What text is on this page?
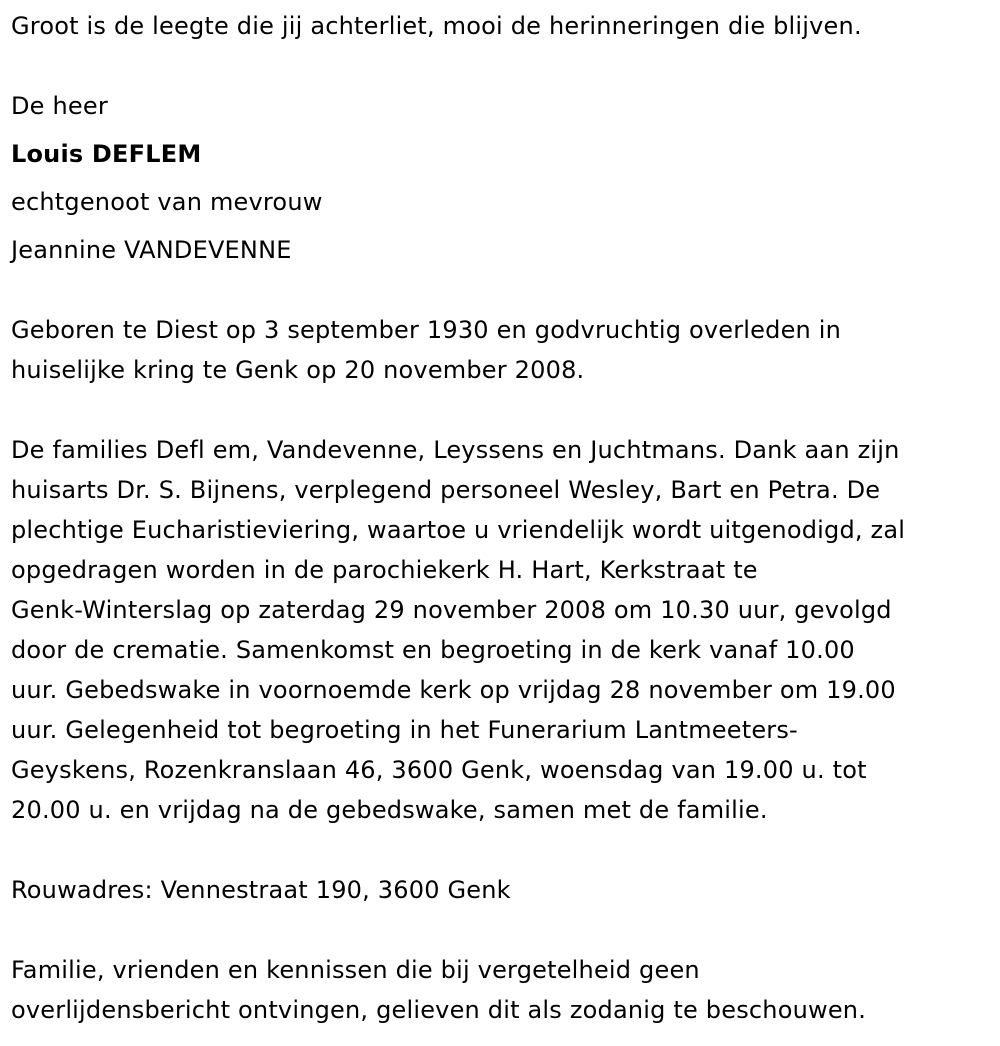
Groot is de leegte die jij achterliet, mooi de herinneringen die blijven.
De heer
Louis DEFLEM
echtgenoot van mevrouw
Jeannine VANDEVENNE
Geboren te Diest op 3 september 1930 en godvruchtig overleden in
huiselijke kring te Genk op 20 november 2008.
De families Defl em, Vandevenne, Leyssens en Juchtmans. Dank aan zijn
huisarts Dr. S. Bijnens, verplegend personeel Wesley, Bart en Petra. De
plechtige Eucharistieviering, waartoe u vriendelijk wordt uitgenodigd, zal
opgedragen worden in de parochiekerk H. Hart, Kerkstraat te
Genk-Winterslag op zaterdag 29 november 2008 om 10.30 uur, gevolgd
door de crematie. Samenkomst en begroeting in de kerk vanaf 10.00
uur. Gebedswake in voornoemde kerk op vrijdag 28 november om 19.00
uur. Gelegenheid tot begroeting in het Funerarium Lantmeeters-
Geyskens, Rozenkranslaan 46, 3600 Genk, woensdag van 19.00 u. tot
20.00 u. en vrijdag na de gebedswake, samen met de familie.
Rouwadres: Vennestraat 190, 3600 Genk
Familie, vrienden en kennissen die bij vergetelheid geen
overlijdensbericht ontvingen, gelieven dit als zodanig te beschouwen.
